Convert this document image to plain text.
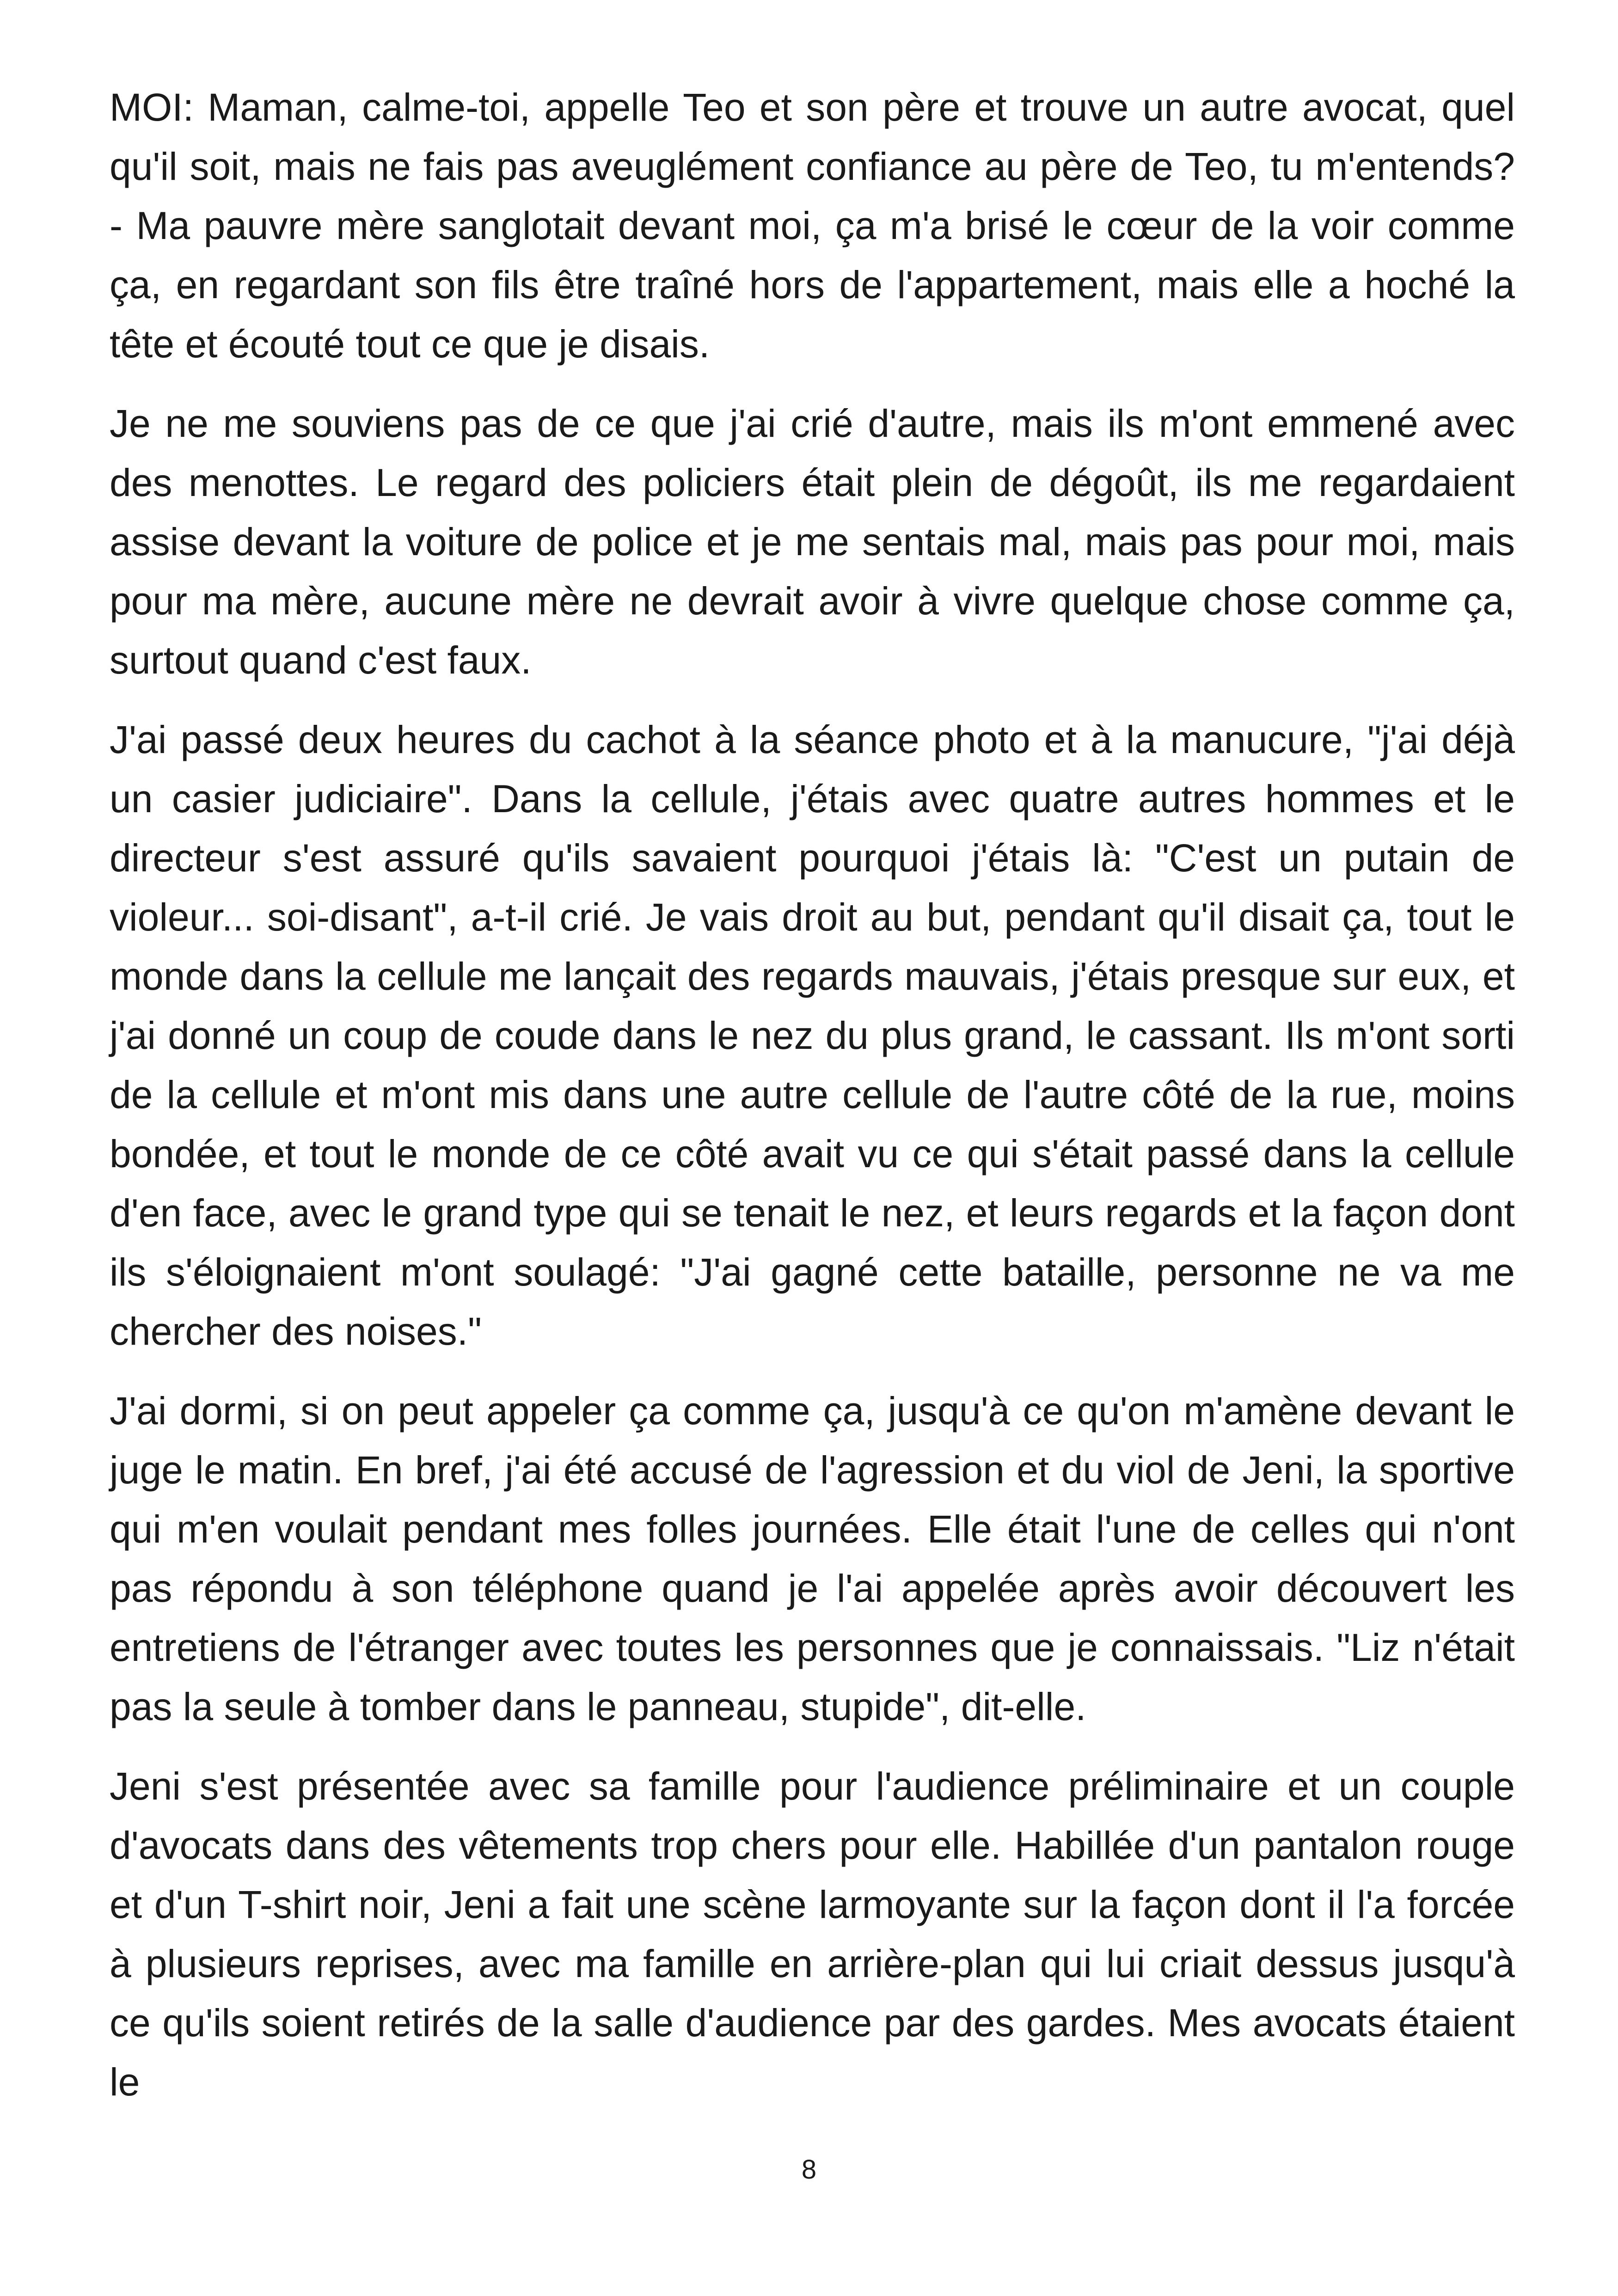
MOI: Maman, calme-toi, appelle Teo et son père et trouve un autre avocat, quel qu'il soit, mais ne fais pas aveuglément confiance au père de Teo, tu m'entends? - Ma pauvre mère sanglotait devant moi, ça m'a brisé le cœur de la voir comme ça, en regardant son fils être traîné hors de l'appartement, mais elle a hoché la tête et écouté tout ce que je disais.

Je ne me souviens pas de ce que j'ai crié d'autre, mais ils m'ont emmené avec des menottes. Le regard des policiers était plein de dégoût, ils me regardaient assise devant la voiture de police et je me sentais mal, mais pas pour moi, mais pour ma mère, aucune mère ne devrait avoir à vivre quelque chose comme ça, surtout quand c'est faux.

J'ai passé deux heures du cachot à la séance photo et à la manucure, "j'ai déjà un casier judiciaire". Dans la cellule, j'étais avec quatre autres hommes et le directeur s'est assuré qu'ils savaient pourquoi j'étais là: "C'est un putain de violeur... soi-disant", a-t-il crié. Je vais droit au but, pendant qu'il disait ça, tout le monde dans la cellule me lançait des regards mauvais, j'étais presque sur eux, et j'ai donné un coup de coude dans le nez du plus grand, le cassant. Ils m'ont sorti de la cellule et m'ont mis dans une autre cellule de l'autre côté de la rue, moins bondée, et tout le monde de ce côté avait vu ce qui s'était passé dans la cellule d'en face, avec le grand type qui se tenait le nez, et leurs regards et la façon dont ils s'éloignaient m'ont soulagé: "J'ai gagné cette bataille, personne ne va me chercher des noises."

J'ai dormi, si on peut appeler ça comme ça, jusqu'à ce qu'on m'amène devant le juge le matin. En bref, j'ai été accusé de l'agression et du viol de Jeni, la sportive qui m'en voulait pendant mes folles journées. Elle était l'une de celles qui n'ont pas répondu à son téléphone quand je l'ai appelée après avoir découvert les entretiens de l'étranger avec toutes les personnes que je connaissais. "Liz n'était pas la seule à tomber dans le panneau, stupide", dit-elle.

Jeni s'est présentée avec sa famille pour l'audience préliminaire et un couple d'avocats dans des vêtements trop chers pour elle. Habillée d'un pantalon rouge et d'un T-shirt noir, Jeni a fait une scène larmoyante sur la façon dont il l'a forcée à plusieurs reprises, avec ma famille en arrière-plan qui lui criait dessus jusqu'à ce qu'ils soient retirés de la salle d'audience par des gardes. Mes avocats étaient le

8
